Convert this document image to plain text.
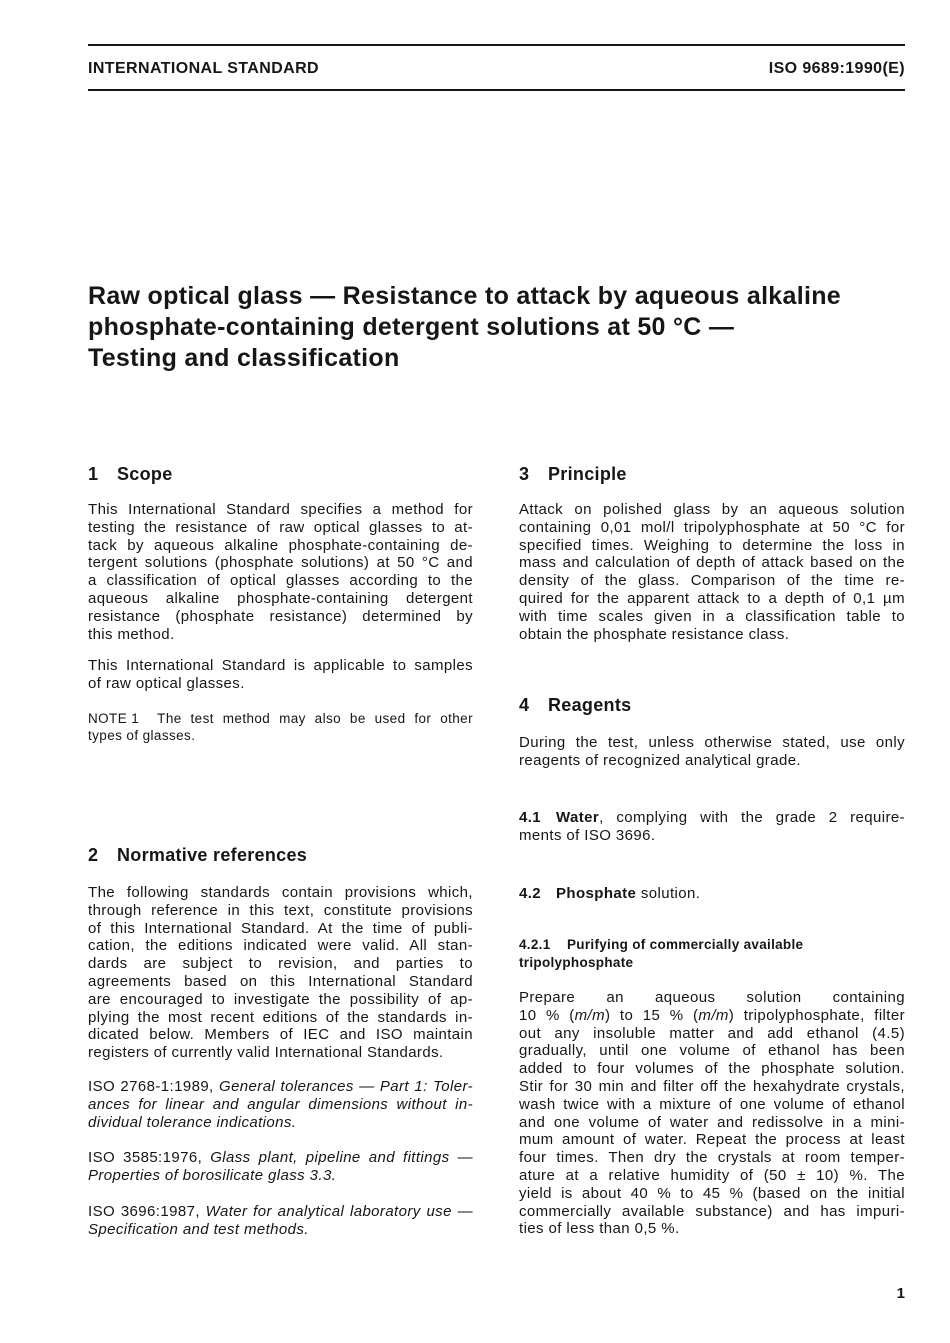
INTERNATIONAL STANDARD	ISO 9689:1990(E)
Raw optical glass — Resistance to attack by aqueous alkaline
phosphate-containing detergent solutions at 50 °C —
Testing and classification
1 Scope
This International Standard specifies a method for
testing the resistance of raw optical glasses to at-
tack by aqueous alkaline phosphate-containing de-
tergent solutions (phosphate solutions) at 50 °C and
a classification of optical glasses according to the
aqueous alkaline phosphate-containing detergent
resistance (phosphate resistance) determined by
this method.
This International Standard is applicable to samples
of raw optical glasses.
NOTE 1 The test method may also be used for other
types of glasses.
2 Normative references
The following standards contain provisions which,
through reference in this text, constitute provisions
of this International Standard. At the time of publi-
cation, the editions indicated were valid. All stan-
dards are subject to revision, and parties to
agreements based on this International Standard
are encouraged to investigate the possibility of ap-
plying the most recent editions of the standards in-
dicated below. Members of IEC and ISO maintain
registers of currently valid International Standards.
ISO 2768-1:1989, General tolerances — Part 1: Toler-
ances for linear and angular dimensions without in-
dividual tolerance indications.
ISO 3585:1976, Glass plant, pipeline and fittings —
Properties of borosilicate glass 3.3.
ISO 3696:1987, Water for analytical laboratory use —
Specification and test methods.
3 Principle
Attack on polished glass by an aqueous solution
containing 0,01 mol/l tripolyphosphate at 50 °C for
specified times. Weighing to determine the loss in
mass and calculation of depth of attack based on the
density of the glass. Comparison of the time re-
quired for the apparent attack to a depth of 0,1 µm
with time scales given in a classification table to
obtain the phosphate resistance class.
4 Reagents
During the test, unless otherwise stated, use only
reagents of recognized analytical grade.
4.1 Water, complying with the grade 2 require-
ments of ISO 3696.
4.2 Phosphate solution.
4.2.1 Purifying of commercially available
tripolyphosphate
Prepare an aqueous solution containing
10 % (m/m) to 15 % (m/m) tripolyphosphate, filter
out any insoluble matter and add ethanol (4.5)
gradually, until one volume of ethanol has been
added to four volumes of the phosphate solution.
Stir for 30 min and filter off the hexahydrate crystals,
wash twice with a mixture of one volume of ethanol
and one volume of water and redissolve in a mini-
mum amount of water. Repeat the process at least
four times. Then dry the crystals at room temper-
ature at a relative humidity of (50 ± 10) %. The
yield is about 40 % to 45 % (based on the initial
commercially available substance) and has impuri-
ties of less than 0,5 %.
1
